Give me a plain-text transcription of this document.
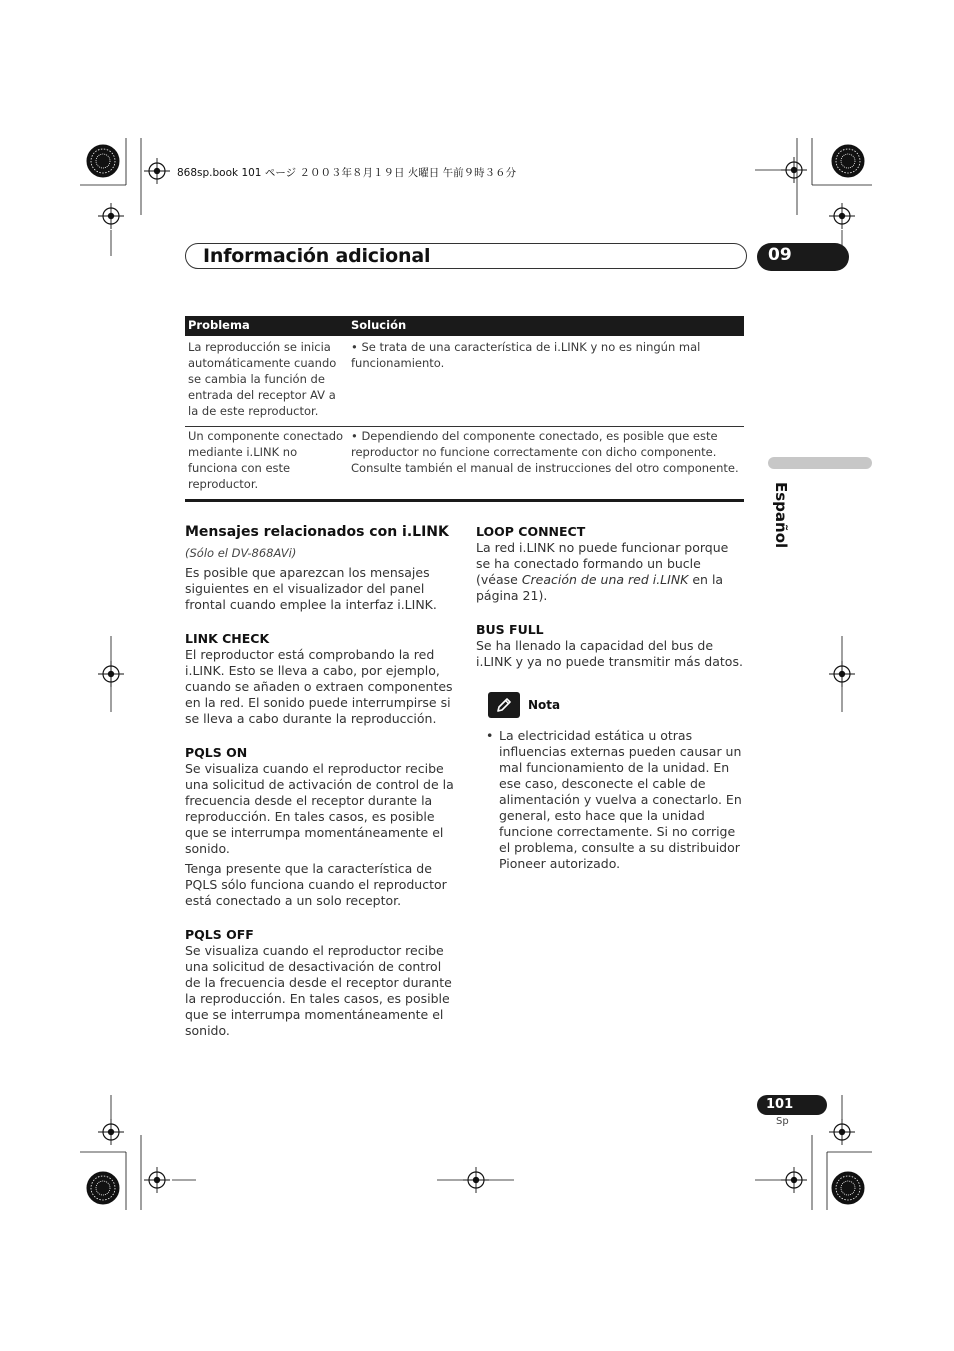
868sp.book 101 ページ ２００３年８月１９日 火曜日 午前９時３６分
Información adicional	09
Español
Problema	Solución
La reproducción se inicia automáticamente cuando se cambia la función de entrada del receptor AV a la de este reproductor.	• Se trata de una característica de i.LINK y no es ningún mal funcionamiento.
Un componente conectado mediante i.LINK no funciona con este reproductor.	• Dependiendo del componente conectado, es posible que este reproductor no funcione correctamente con dicho componente. Consulte también el manual de instrucciones del otro componente.
Mensajes relacionados con i.LINK
(Sólo el DV-868AVi)

Es posible que aparezcan los mensajes siguientes en el visualizador del panel frontal cuando emplee la interfaz i.LINK.

LINK CHECK

El reproductor está comprobando la red i.LINK. Esto se lleva a cabo, por ejemplo, cuando se añaden o extraen componentes en la red. El sonido puede interrumpirse si se lleva a cabo durante la reproducción.

PQLS ON

Se visualiza cuando el reproductor recibe una solicitud de activación de control de la frecuencia desde el receptor durante la reproducción. En tales casos, es posible que se interrumpa momentáneamente el sonido.

Tenga presente que la característica de PQLS sólo funciona cuando el reproductor está conectado a un solo receptor.

PQLS OFF

Se visualiza cuando el reproductor recibe una solicitud de desactivación de control de la frecuencia desde el receptor durante la reproducción. En tales casos, es posible que se interrumpa momentáneamente el sonido.

LOOP CONNECT

La red i.LINK no puede funcionar porque se ha conectado formando un bucle (véase Creación de una red i.LINK en la página 21).

BUS FULL

Se ha llenado la capacidad del bus de i.LINK y ya no puede transmitir más datos.

Nota
• La electricidad estática u otras influencias externas pueden causar un mal funcionamiento de la unidad. En ese caso, desconecte el cable de alimentación y vuelva a conectarlo. En general, esto hace que la unidad funcione correctamente. Si no corrige el problema, consulte a su distribuidor Pioneer autorizado.
101
Sp
